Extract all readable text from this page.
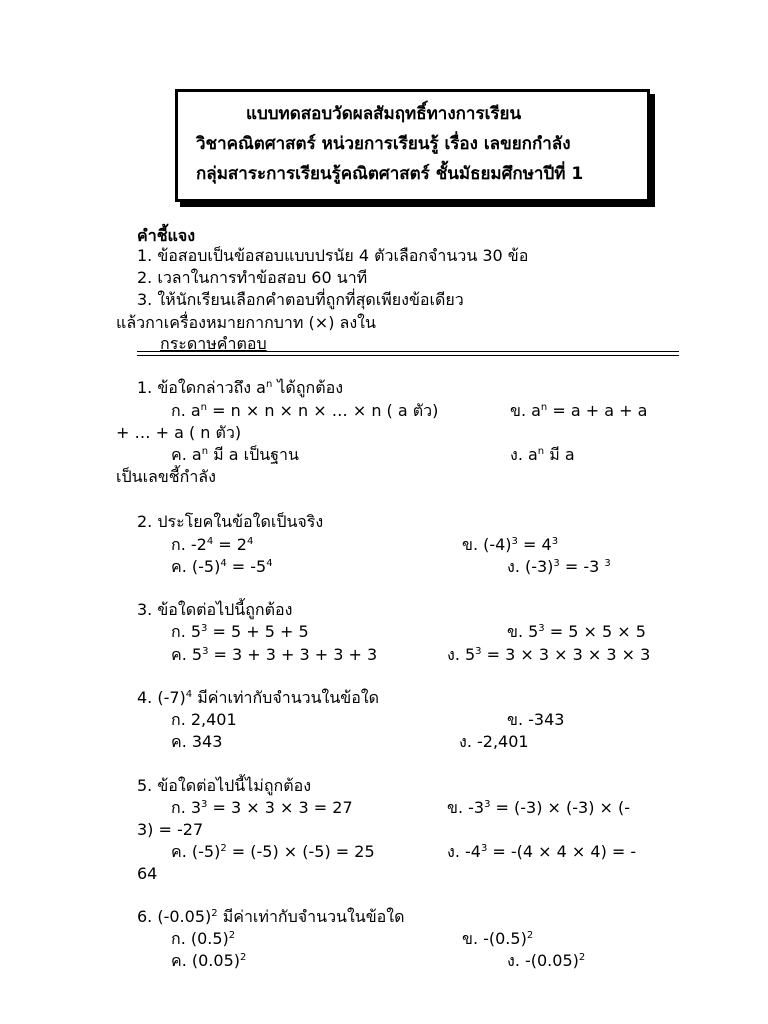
แบบทดสอบวัดผลสัมฤทธิ์ทางการเรียน
วิชาคณิตศาสตร์ หน่วยการเรียนรู้ เรื่อง เลขยกกำลัง
กลุ่มสาระการเรียนรู้คณิตศาสตร์ ชั้นมัธยมศึกษาปีที่ 1
คำชี้แจง
1. ข้อสอบเป็นข้อสอบแบบปรนัย 4 ตัวเลือกจำนวน 30 ข้อ
2. เวลาในการทำข้อสอบ 60 นาที
3. ให้นักเรียนเลือกคำตอบที่ถูกที่สุดเพียงข้อเดียว
แล้วกาเครื่องหมายกากบาท (×) ลงใน
กระดาษคำตอบ
1. ข้อใดกล่าวถึง $a^n$ ได้ถูกต้อง
ก. $a^n = n \times n \times n$ × … × n ( a ตัว)	ข. $a^n = a + a + a$
+ … + a ( n ตัว)
ค. $a^n$ มี a เป็นฐาน	ง. $a^n$ มี a
เป็นเลขชี้กำลัง
2. ประโยคในข้อใดเป็นจริง
ก. $-2^4 = 2^4$	ข. $(-4)^3 = 4^3$
ค. $(-5)^4 = -5^4$	ง. $(-3)^3 = -3$ $^3$
3. ข้อใดต่อไปนี้ถูกต้อง
ก. $5^3 = 5 + 5 + 5$	ข. $5^3 = 5 \times 5 \times 5$
ค. $5^3 = 3 + 3 + 3 + 3 + 3$	ง. $5^3 = 3 \times 3 \times 3 \times 3 \times 3$
4. $(-7)^4$ มีค่าเท่ากับจำนวนในข้อใด
ก. 2,401	ข. -343
ค. 343	ง. -2,401
5. ข้อใดต่อไปนี้ไม่ถูกต้อง
ก. $3^3 = 3 \times 3 \times 3 = 27$	ข. $-3^3 = (-3) \times (-3)$ × (-
3) = -27
ค. $(-5)^2 = (-5) \times (-5) = 25$	ง. $-4^3 = -(4 \times 4 \times 4)$ = -
64
6. $(-0.05)^2$ มีค่าเท่ากับจำนวนในข้อใด
ก. $(0.5)^2$	ข. $-(0.5)^2$
ค. $(0.05)^2$	ง. $-(0.05)^2$
